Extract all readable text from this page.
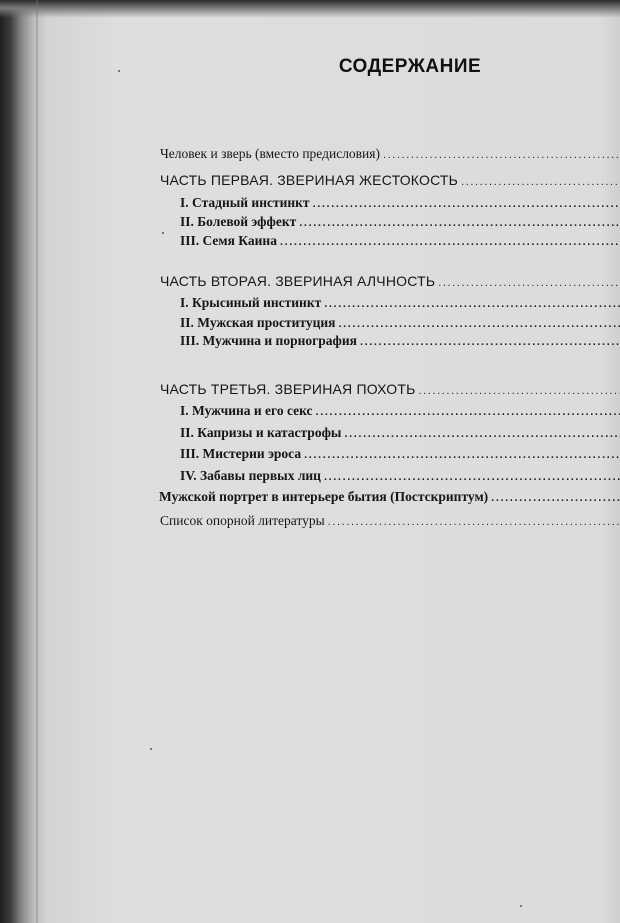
СОДЕРЖАНИЕ
Человек и зверь (вместо предисловия)
.....
ЧАСТЬ ПЕРВАЯ. ЗВЕРИНАЯ ЖЕСТОКОСТЬ
.....
I. Стадный инстинкт
.....
II. Болевой эффект
.....
III. Семя Каина
.....
ЧАСТЬ ВТОРАЯ. ЗВЕРИНАЯ АЛЧНОСТЬ
.....
I. Крысиный инстинкт
.....
II. Мужская проституция
.....
III. Мужчина и порнография
.....
ЧАСТЬ ТРЕТЬЯ. ЗВЕРИНАЯ ПОХОТЬ
.....
I. Мужчина и его секс
.....
II. Капризы и катастрофы
.....
III. Мистерии эроса
.....
IV. Забавы первых лиц
.....
Мужской портрет в интерьере бытия (Постскриптум)
.....
Список опорной литературы
.....
